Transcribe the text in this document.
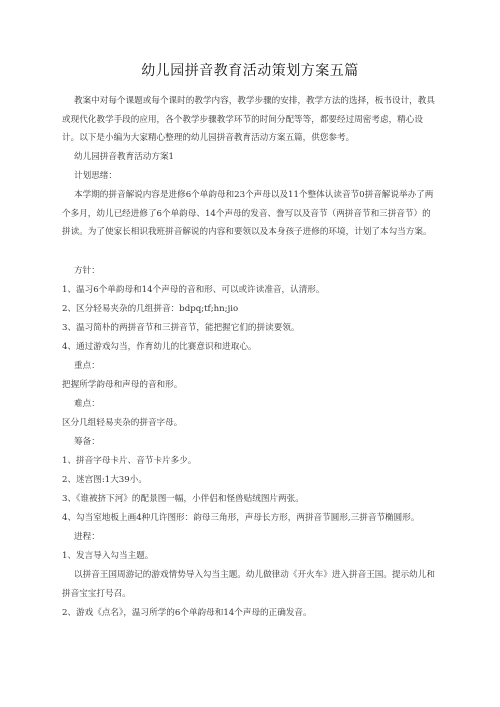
幼儿园拼音教育活动策划方案五篇

教案中对每个课题或每个课时的教学内容，教学步骤的安排，教学方法的选择，板书设计，教具或现代化教学手段的应用，各个教学步骤教学环节的时间分配等等，都要经过周密考虑，精心设计。以下是小编为大家精心整理的幼儿园拼音教育活动方案五篇，供您参考。

幼儿园拼音教育活动方案1

计划思绪：

本学期的拼音解说内容是进修6个单韵母和23个声母以及11个整体认读音节0拼音解说举办了两个多月，幼儿已经进修了6个单韵母、14个声母的发音、誊写以及音节（两拼音节和三拼音节）的拼读。为了使家长相识我班拼音解说的内容和要领以及本身孩子进修的环境，计划了本勾当方案。

方针：

1、温习6个单韵母和14个声母的音和形、可以或许读准音，认清形。

2、区分轻易夹杂的几组拼音：bdpq;tf;hn;jio

3、温习简朴的两拼音节和三拼音节，能把握它们的拼读要领。

4、通过游戏勾当，作育幼儿的比赛意识和进取心。

重点：

把握所学韵母和声母的音和形。

难点：

区分几组轻易夹杂的拼音字母。

筹备：

1、拼音字母卡片、音节卡片多少。

2、迷宫图:1大39小。

3、《谁被挤下河》的配景图一幅，小伴侣和怪兽贴绒图片两张。

4、勾当室地板上画4种几许图形：韵母三角形，声母长方形，两拼音节圆形,三拼音节椭圆形。

进程：

1、发言导入勾当主题。

以拼音王国周游记的游戏情势导入勾当主题。幼儿做律动《开火车》进入拼音王国。提示幼儿和拼音宝宝打号召。

2、游戏《点名》，温习所学的6个单韵母和14个声母的正确发音。
